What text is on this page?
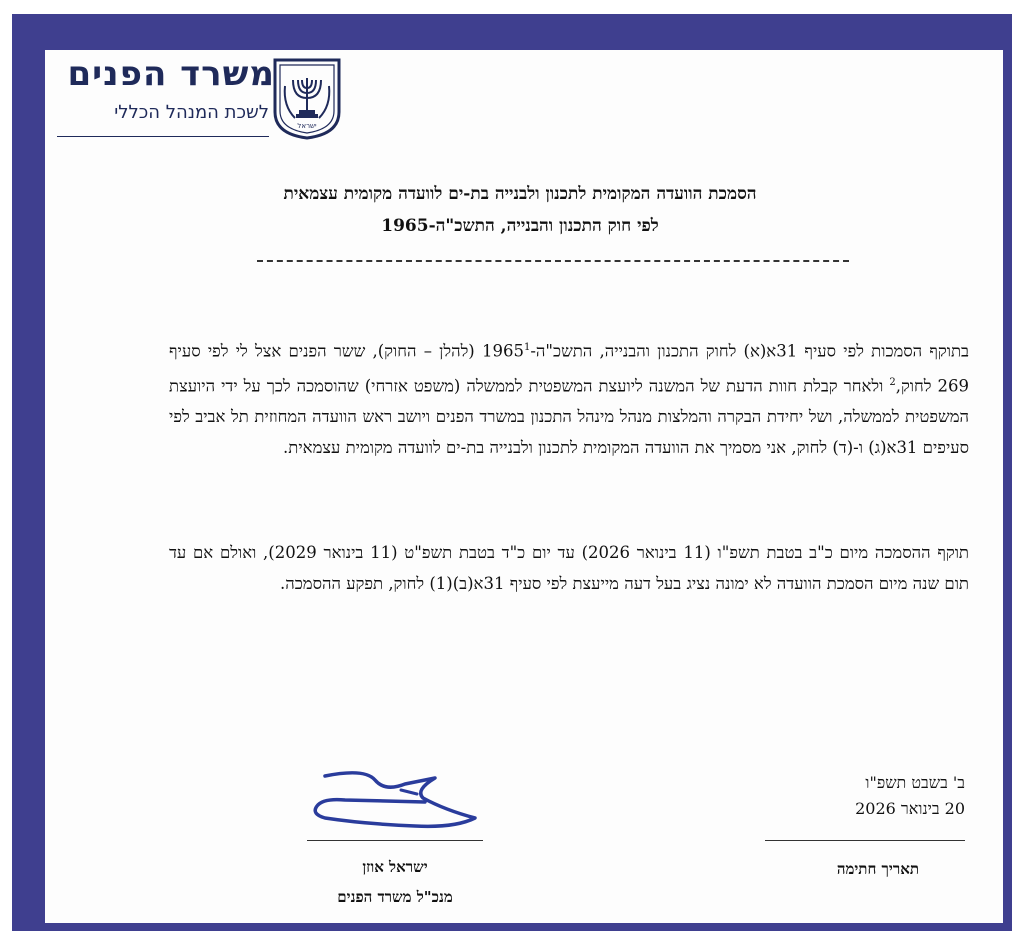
ישראל
משרד הפנים
לשכת המנהל הכללי
הסמכת הוועדה המקומית לתכנון ולבנייה בת-ים לוועדה מקומית עצמאית
לפי חוק התכנון והבנייה, התשכ"ה-1965
בתוקף הסמכות לפי סעיף 31א(א) לחוק התכנון והבנייה, התשכ"ה-1965$^1$ (להלן – החוק), ששר הפנים אצל לי לפי סעיף 269 לחוק,$^2$ ולאחר קבלת חוות הדעת של המשנה ליועצת המשפטית לממשלה (משפט אזרחי) שהוסמכה לכך על ידי היועצת המשפטית לממשלה, ושל יחידת הבקרה והמלצות מנהל מינהל התכנון במשרד הפנים ויושב ראש הוועדה המחוזית תל אביב לפי סעיפים 31א(ג) ו-(ד) לחוק, אני מסמיך את הוועדה המקומית לתכנון ולבנייה בת-ים לוועדה מקומית עצמאית.
תוקף ההסמכה מיום כ"ב בטבת תשפ"ו (11 בינואר 2026) עד יום כ"ד בטבת תשפ"ט (11 בינואר 2029), ואולם אם עד תום שנה מיום הסמכת הוועדה לא ימונה נציג בעל דעה מייעצת לפי סעיף 31א(ב)(1) לחוק, תפקע ההסמכה.
ב' בשבט תשפ"ו
20 בינואר 2026
תאריך חתימה
ישראל אוזן
מנכ"ל משרד הפנים
